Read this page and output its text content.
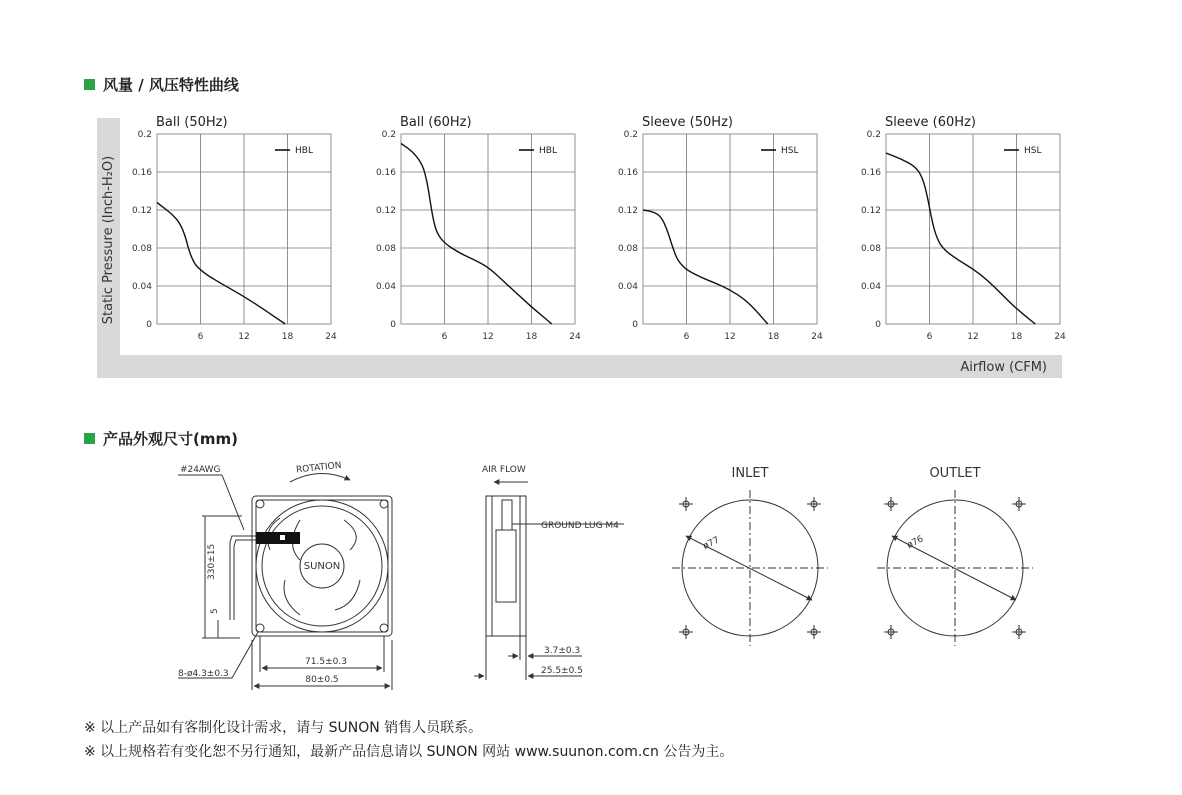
风量 / 风压特性曲线
Static Pressure (Inch-H₂O)
Airflow (CFM)
Ball (50Hz)
0.2
0.16
0.12
0.08
0.04
0
6	12	18	24
HBL
Ball (60Hz)
0.2
0.16
0.12
0.08
0.04
0
6	12	18	24
HBL
Sleeve (50Hz)
0.2
0.16
0.12
0.08
0.04
0
6	12	18	24
HSL
Sleeve (60Hz)
0.2
0.16
0.12
0.08
0.04
0
6	12	18	24
HSL
产品外观尺寸(mm)
#24AWG	ROTATION
SUNON
330±15
5
8-ø4.3±0.3
71.5±0.3
80±0.5
AIR FLOW
GROUND LUG M4
3.7±0.3
25.5±0.5
INLET
ø77
OUTLET
ø76
※ 以上产品如有客制化设计需求，请与 SUNON 销售人员联系。
※ 以上规格若有变化恕不另行通知，最新产品信息请以 SUNON 网站 www.suunon.com.cn 公告为主。
